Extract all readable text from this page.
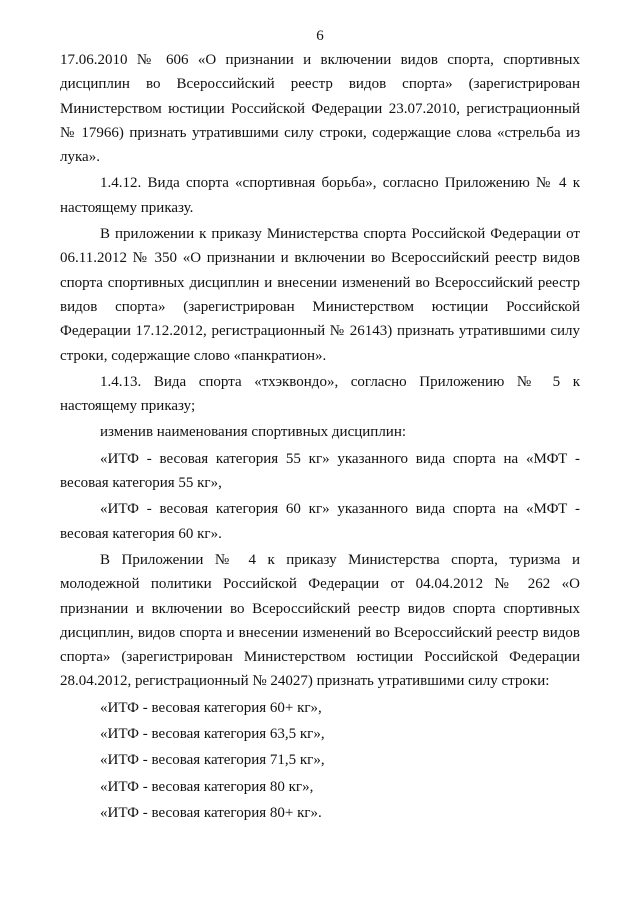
6

17.06.2010 № 606 «О признании и включении видов спорта, спортивных дисциплин во Всероссийский реестр видов спорта» (зарегистрирован Министерством юстиции Российской Федерации 23.07.2010, регистрационный № 17966) признать утратившими силу строки, содержащие слова «стрельба из лука».

1.4.12. Вида спорта «спортивная борьба», согласно Приложению № 4 к настоящему приказу.

В приложении к приказу Министерства спорта Российской Федерации от 06.11.2012 № 350 «О признании и включении во Всероссийский реестр видов спорта спортивных дисциплин и внесении изменений во Всероссийский реестр видов спорта» (зарегистрирован Министерством юстиции Российской Федерации 17.12.2012, регистрационный № 26143) признать утратившими силу строки, содержащие слово «панкратион».

1.4.13. Вида спорта «тхэквондо», согласно Приложению № 5 к настоящему приказу;

изменив наименования спортивных дисциплин:

«ИТФ - весовая категория 55 кг» указанного вида спорта на «МФТ - весовая категория 55 кг»,

«ИТФ - весовая категория 60 кг» указанного вида спорта на «МФТ - весовая категория 60 кг».

В Приложении № 4 к приказу Министерства спорта, туризма и молодежной политики Российской Федерации от 04.04.2012 № 262 «О признании и включении во Всероссийский реестр видов спорта спортивных дисциплин, видов спорта и внесении изменений во Всероссийский реестр видов спорта» (зарегистрирован Министерством юстиции Российской Федерации 28.04.2012, регистрационный № 24027) признать утратившими силу строки:

«ИТФ - весовая категория 60+ кг»,

«ИТФ - весовая категория 63,5 кг»,

«ИТФ - весовая категория 71,5 кг»,

«ИТФ - весовая категория 80 кг»,

«ИТФ - весовая категория 80+ кг».
